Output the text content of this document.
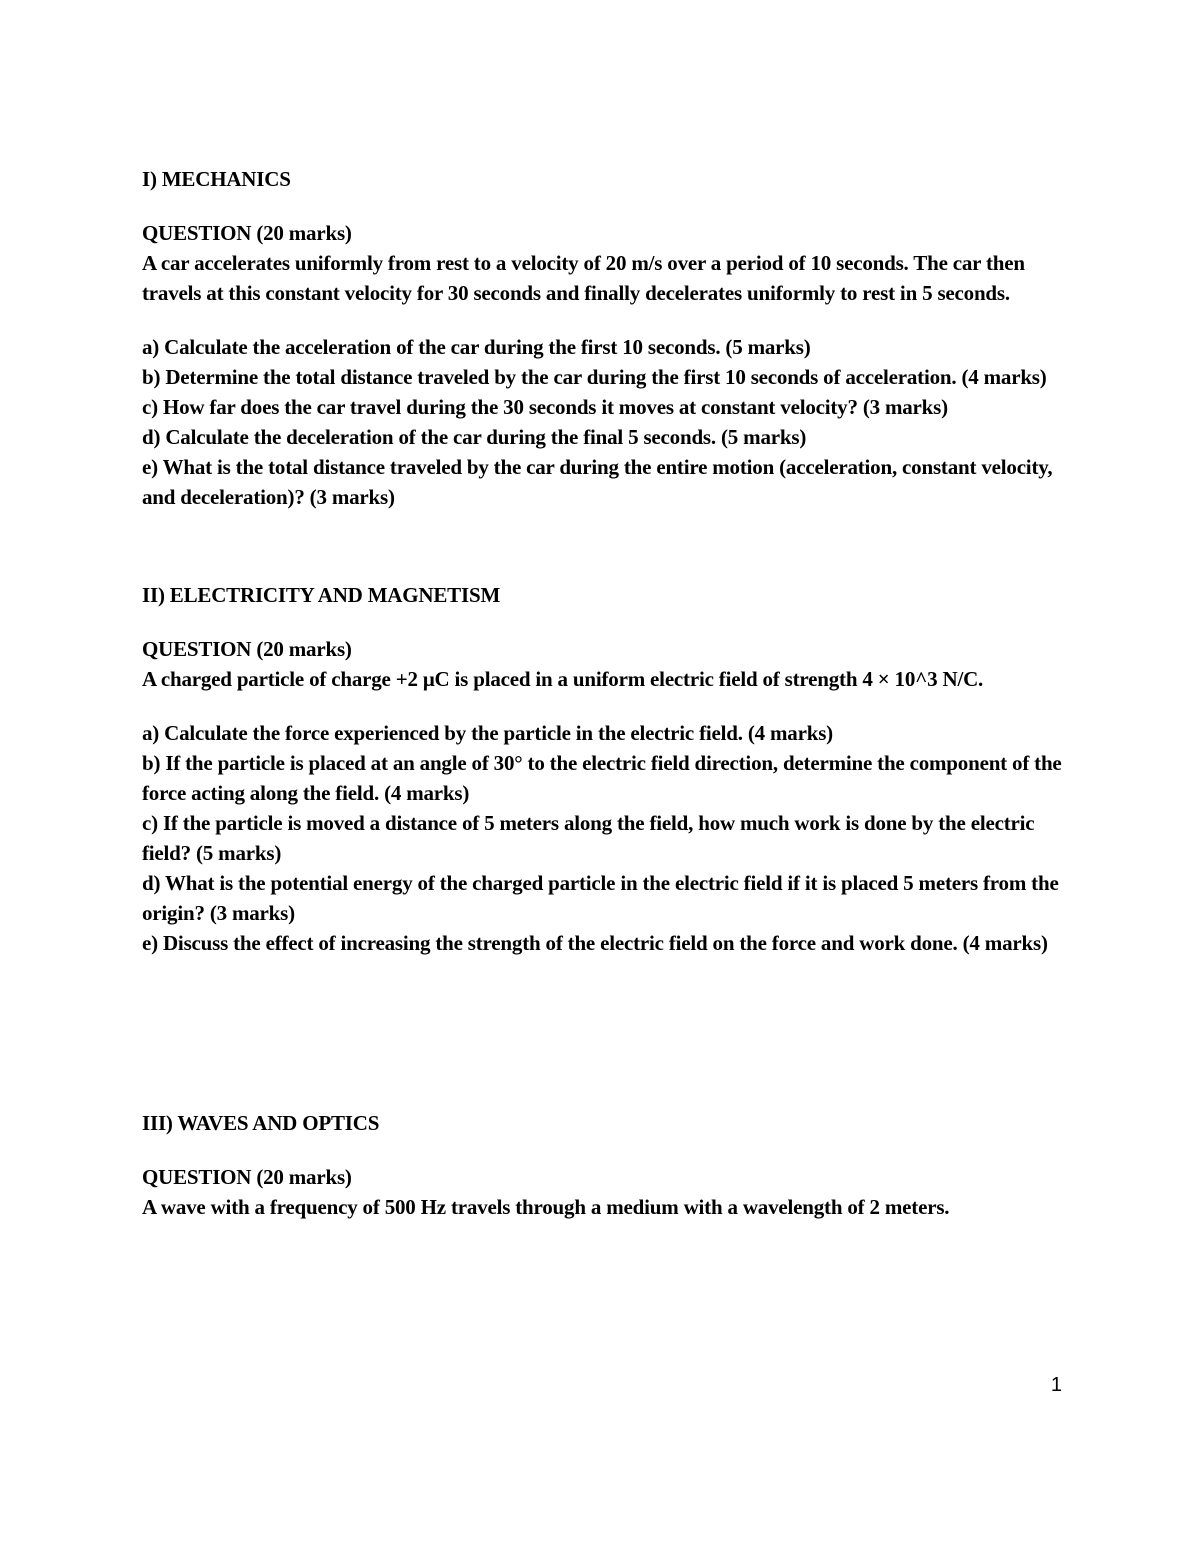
I) MECHANICS

QUESTION (20 marks)

A car accelerates uniformly from rest to a velocity of 20 m/s over a period of 10 seconds. The car then travels at this constant velocity for 30 seconds and finally decelerates uniformly to rest in 5 seconds.

a) Calculate the acceleration of the car during the first 10 seconds. (5 marks)
b) Determine the total distance traveled by the car during the first 10 seconds of acceleration. (4 marks)
c) How far does the car travel during the 30 seconds it moves at constant velocity? (3 marks)
d) Calculate the deceleration of the car during the final 5 seconds. (5 marks)
e) What is the total distance traveled by the car during the entire motion (acceleration, constant velocity, and deceleration)? (3 marks)
II) ELECTRICITY AND MAGNETISM

QUESTION (20 marks)

A charged particle of charge +2 μC is placed in a uniform electric field of strength 4 × 10^3 N/C.

a) Calculate the force experienced by the particle in the electric field. (4 marks)
b) If the particle is placed at an angle of 30° to the electric field direction, determine the component of the force acting along the field. (4 marks)
c) If the particle is moved a distance of 5 meters along the field, how much work is done by the electric field? (5 marks)
d) What is the potential energy of the charged particle in the electric field if it is placed 5 meters from the origin? (3 marks)
e) Discuss the effect of increasing the strength of the electric field on the force and work done. (4 marks)
III) WAVES AND OPTICS

QUESTION (20 marks)

A wave with a frequency of 500 Hz travels through a medium with a wavelength of 2 meters.

1
